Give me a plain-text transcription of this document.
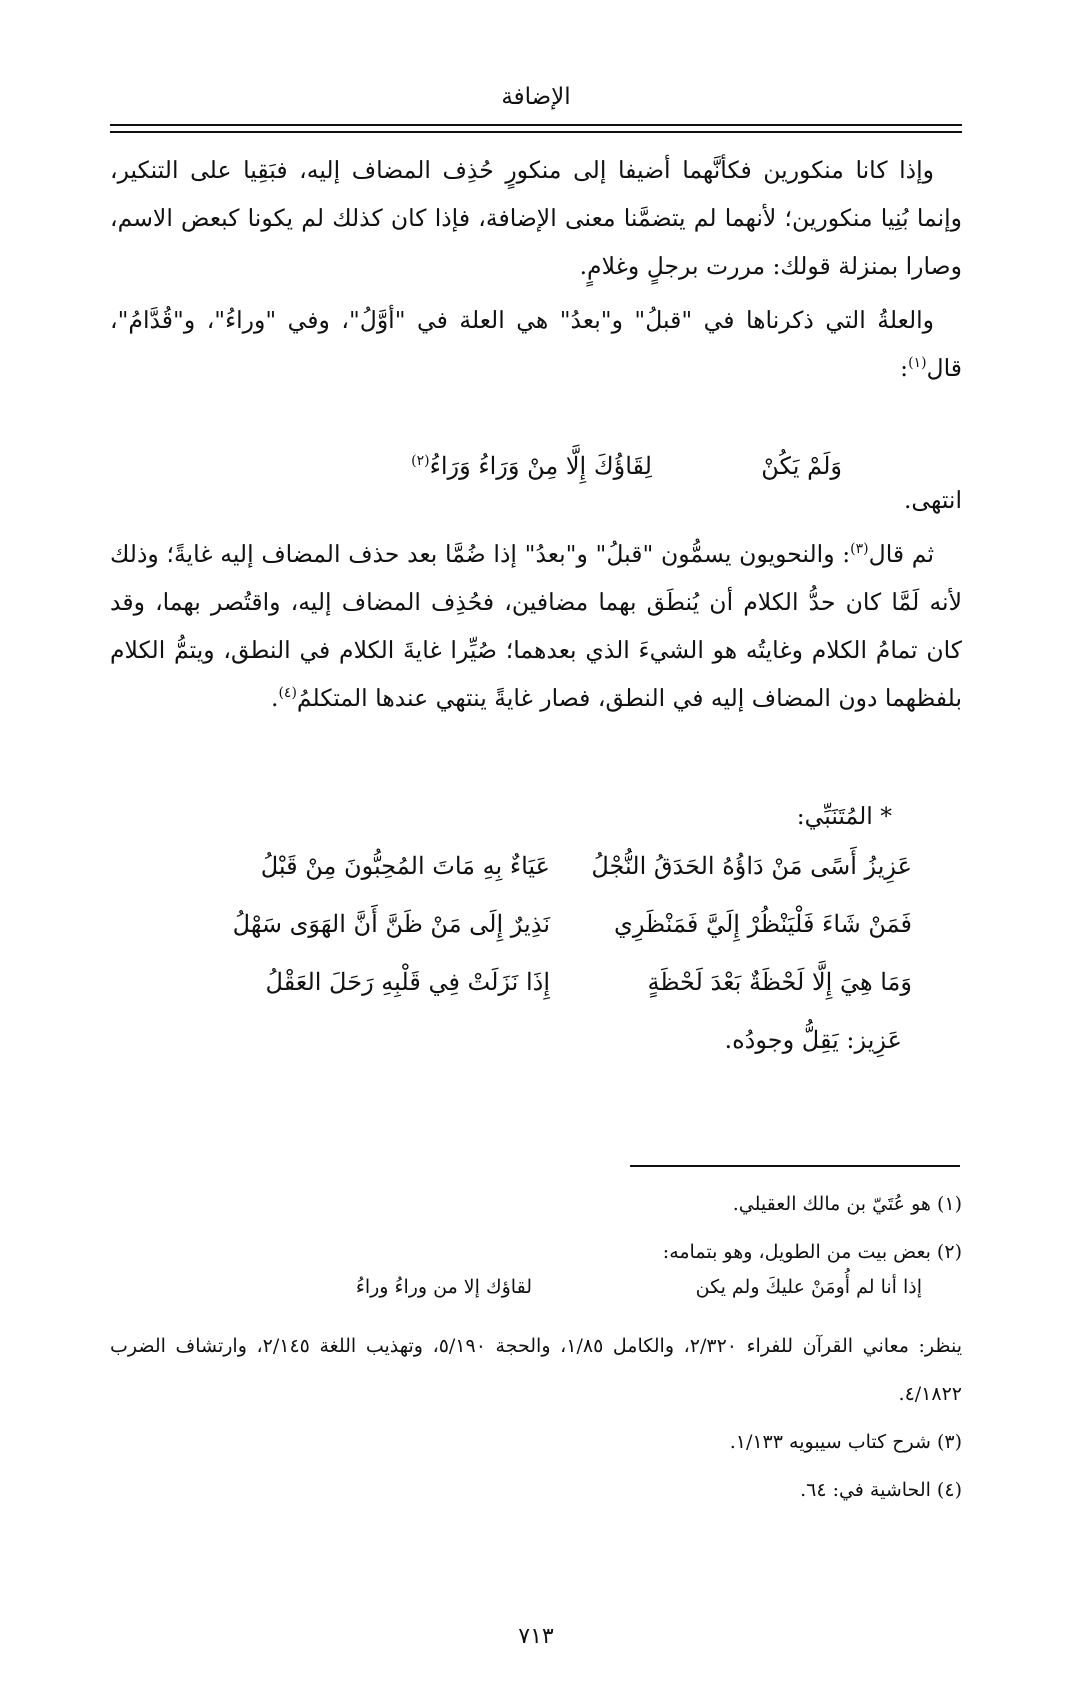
الإضافة

وإذا كانا منكورين فكأنَّهما أضيفا إلى منكورٍ حُذِف المضاف إليه، فبَقِيا على التنكير، وإنما بُنِيا منكورين؛ لأنهما لم يتضمَّنا معنى الإضافة، فإذا كان كذلك لم يكونا كبعض الاسم، وصارا بمنزلة قولك: مررت برجلٍ وغلامٍ.

والعلةُ التي ذكرناها في "قبلُ" و"بعدُ" هي العلة في "أوَّلُ"، وفي "وراءُ"، و"قُدَّامُ"، قال$^{(١)}$:

وَلَمْ يَكُنْ
لِقَاؤُكَ إِلَّا مِنْ وَرَاءُ وَرَاءُ$^{(٢)}$

انتهى.

ثم قال$^{(٣)}$: والنحويون يسمُّون "قبلُ" و"بعدُ" إذا ضُمَّا بعد حذف المضاف إليه غايةً؛ وذلك لأنه لَمَّا كان حدُّ الكلام أن يُنطَق بهما مضافين، فحُذِف المضاف إليه، واقتُصر بهما، وقد كان تمامُ الكلام وغايتُه هو الشيءَ الذي بعدهما؛ صُيِّرا غايةَ الكلام في النطق، ويتمُّ الكلام بلفظهما دون المضاف إليه في النطق، فصار غايةً ينتهي عندها المتكلمُ$^{(٤)}$.

* المُتَنَبِّي:

عَزِيزُ أَسًى مَنْ دَاؤُهُ الحَدَقُ النُّجْلُ
عَيَاءٌ بِهِ مَاتَ المُحِبُّونَ مِنْ قَبْلُ
فَمَنْ شَاءَ فَلْيَنْظُرْ إِلَيَّ فَمَنْظَرِي
نَذِيرٌ إِلَى مَنْ ظَنَّ أَنَّ الهَوَى سَهْلُ
وَمَا هِيَ إِلَّا لَحْظَةٌ بَعْدَ لَحْظَةٍ
إِذَا نَزَلَتْ فِي قَلْبِهِ رَحَلَ العَقْلُ
عَزِيز: يَقِلُّ وجودُه.

(١) هو عُتَيّ بن مالك العقيلي.

(٢) بعض بيت من الطويل، وهو بتمامه:

إذا أنا لم أُومَنْ عليكَ ولم يكن
لقاؤك إلا من وراءُ وراءُ

ينظر: معاني القرآن للفراء ٢/٣٢٠، والكامل ١/٨٥، والحجة ٥/١٩٠، وتهذيب اللغة ٢/١٤٥، وارتشاف الضرب ٤/١٨٢٢.

(٣) شرح كتاب سيبويه ١/١٣٣.

(٤) الحاشية في: ٦٤.

٧١٣
